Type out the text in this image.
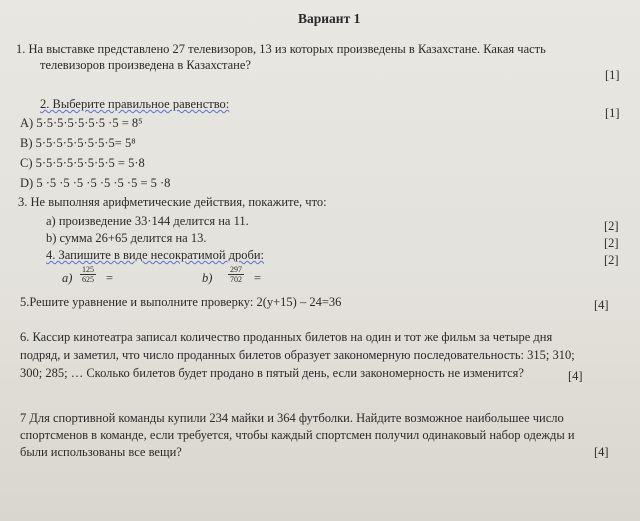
Вариант 1
1. На выставке представлено 27 телевизоров, 13 из которых произведены в Казахстане. Какая часть
телевизоров произведена в Казахстане?
[1]
2. Выберите правильное равенство:
[1]
A) 5·5·5·5·5·5·5 ·5 = 8⁵
B) 5·5·5·5·5·5·5·5= 5⁸
C) 5·5·5·5·5·5·5·5 = 5·8
D) 5 ·5 ·5 ·5 ·5 ·5 ·5 ·5 = 5 ·8
3. Не выполняя арифметические действия, покажите, что:
а) произведение 33·144 делится на 11.	[2]
b) сумма 26+65 делится на 13.	[2]
4. Запишите в виде несократимой дроби:	[2]
$a) \frac{125}{625}$ =	$b) \frac{297}{702}$ =
5.Решите уравнение и выполните проверку: 2(у+15) – 24=36	[4]
6. Кассир кинотеатра записал количество проданных билетов на один и тот же фильм за четыре дня
подряд, и заметил, что число проданных билетов образует закономерную последовательность: 315; 310;
300; 285; … Сколько билетов будет продано в пятый день, если закономерность не изменится?	[4]
7 Для спортивной команды купили 234 майки и 364 футболки. Найдите возможное наибольшее число
спортсменов в команде, если требуется, чтобы каждый спортсмен получил одинаковый набор одежды и
были использованы все вещи?	[4]
